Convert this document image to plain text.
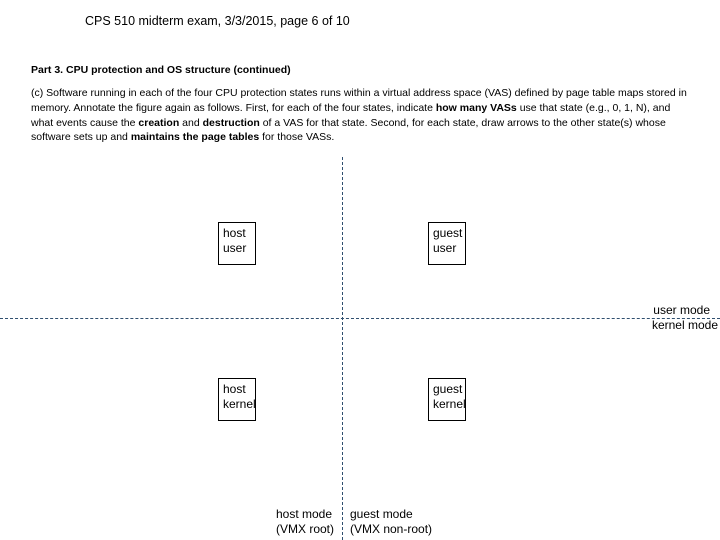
CPS 510 midterm exam, 3/3/2015, page 6 of 10
Part 3. CPU protection and OS structure (continued)
(c) Software running in each of the four CPU protection states runs within a virtual address space (VAS) defined by page table maps stored in memory. Annotate the figure again as follows. First, for each of the four states, indicate how many VASs use that state (e.g., 0, 1, N), and what events cause the creation and destruction of a VAS for that state. Second, for each state, draw arrows to the other state(s) whose software sets up and maintains the page tables for those VASs.
host
user
guest
user
host
kernel
guest
kernel
user mode
kernel mode
host mode
(VMX root)
guest mode
(VMX non-root)
